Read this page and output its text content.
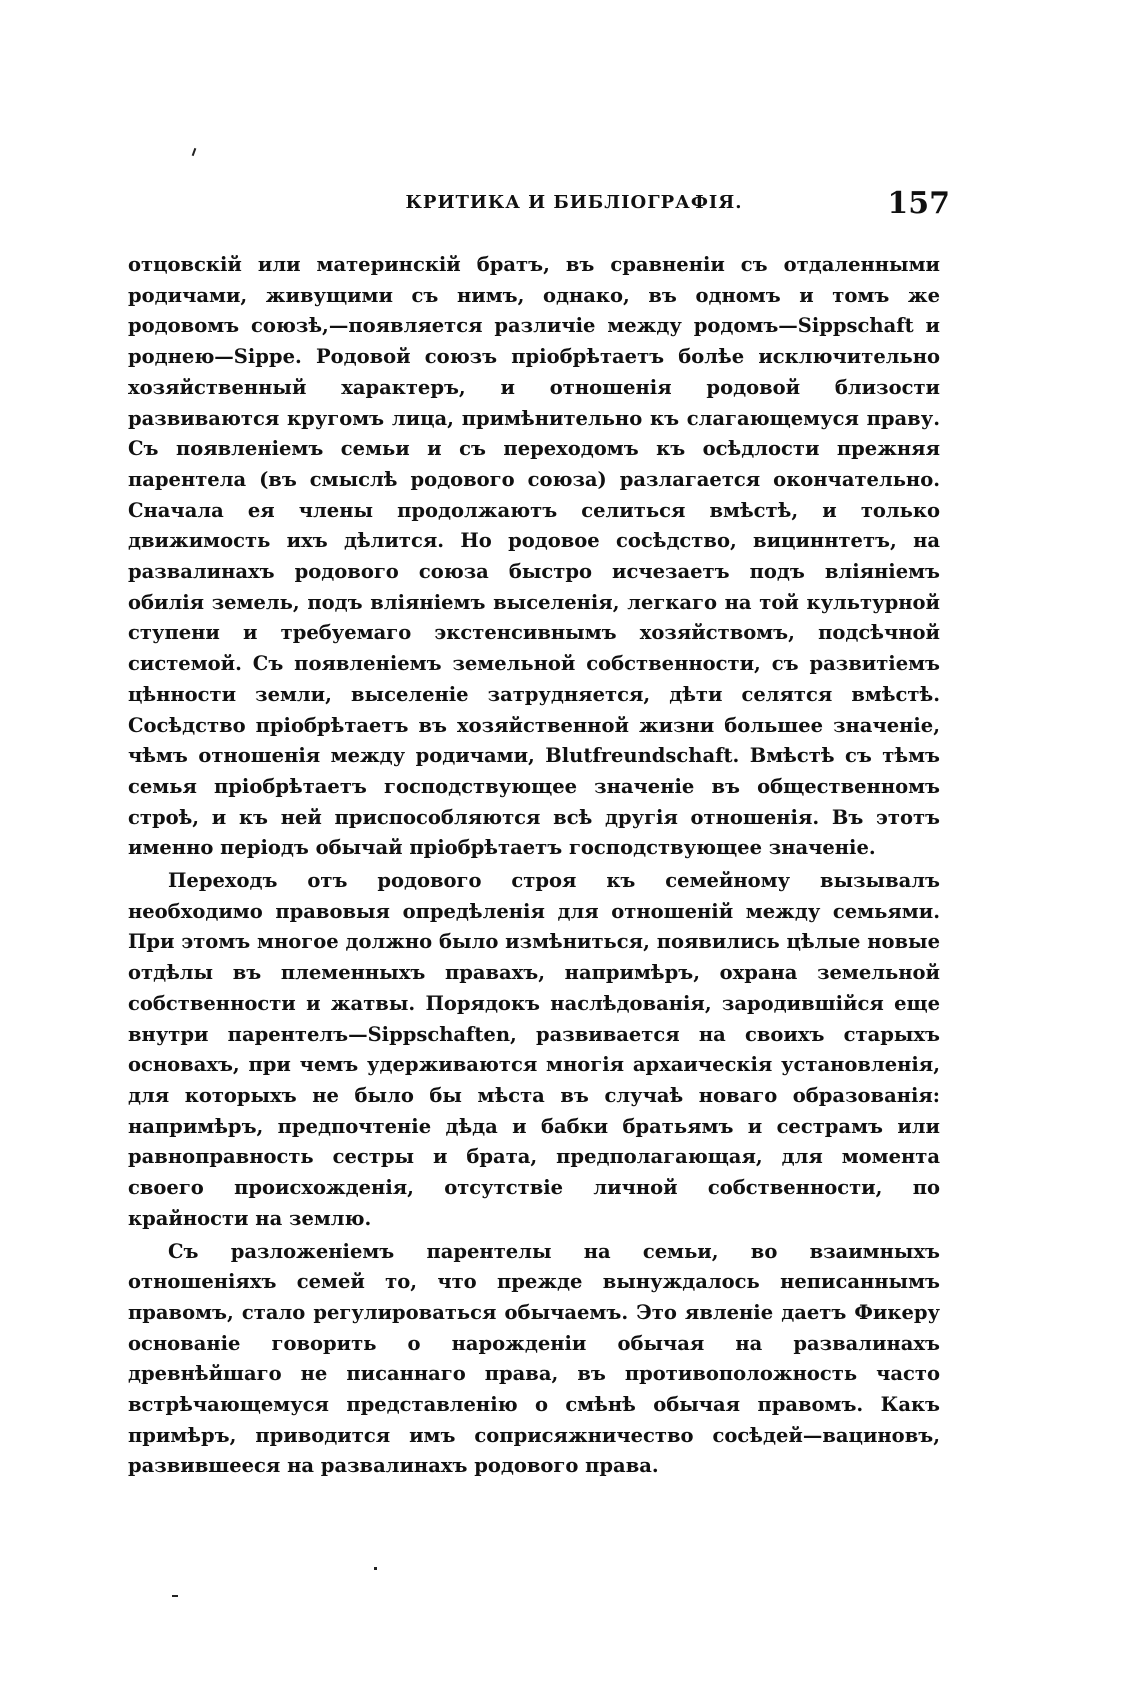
КРИТИКА И БИБЛІОГРАФІЯ.	157

отцовскій или материнскій братъ, въ сравненіи съ отдаленными родичами, живущими съ нимъ, однако, въ одномъ и томъ же родовомъ союзѣ,—появляется различіе между родомъ—Sippschaft и роднею—Sippe. Родовой союзъ пріобрѣтаетъ болѣе исключительно хозяйственный характеръ, и отношенія родовой близости развиваются кругомъ лица, примѣнительно къ слагающемуся праву. Съ появленіемъ семьи и съ переходомъ къ осѣдлости прежняя парентела (въ смыслѣ родового союза) разлагается окончательно. Сначала ея члены продолжаютъ селиться вмѣстѣ, и только движимость ихъ дѣлится. Но родовое сосѣдство, вициннтетъ, на развалинахъ родового союза быстро исчезаетъ подъ вліяніемъ обилія земель, подъ вліяніемъ выселенія, легкаго на той культурной ступени и требуемаго экстенсивнымъ хозяйствомъ, подсѣчной системой. Съ появленіемъ земельной собственности, съ развитіемъ цѣнности земли, выселеніе затрудняется, дѣти селятся вмѣстѣ. Сосѣдство пріобрѣтаетъ въ хозяйственной жизни большее значеніе, чѣмъ отношенія между родичами, Blutfreundschaft. Вмѣстѣ съ тѣмъ семья пріобрѣтаетъ господствующее значеніе въ общественномъ строѣ, и къ ней приспособляются всѣ другія отношенія. Въ этотъ именно періодъ обычай пріобрѣтаетъ господствующее значеніе.

Переходъ отъ родового строя къ семейному вызывалъ необходимо правовыя опредѣленія для отношеній между семьями. При этомъ многое должно было измѣниться, появились цѣлые новые отдѣлы въ племенныхъ правахъ, напримѣръ, охрана земельной собственности и жатвы. Порядокъ наслѣдованія, зародившійся еще внутри парентелъ—Sippschaften, развивается на своихъ старыхъ основахъ, при чемъ удерживаются многія архаическія установленія, для которыхъ не было бы мѣста въ случаѣ новаго образованія: напримѣръ, предпочтеніе дѣда и бабки братьямъ и сестрамъ или равноправность сестры и брата, предполагающая, для момента своего происхожденія, отсутствіе личной собственности, по крайности на землю.

Съ разложеніемъ парентелы на семьи, во взаимныхъ отношеніяхъ семей то, что прежде вынуждалось неписаннымъ правомъ, стало регулироваться обычаемъ. Это явленіе даетъ Фикеру основаніе говорить о нарожденіи обычая на развалинахъ древнѣйшаго не писаннаго права, въ противоположность часто встрѣчающемуся представленію о смѣнѣ обычая правомъ. Какъ примѣръ, приводится имъ соприсяжничество сосѣдей—вациновъ, развившееся на развалинахъ родового права.
